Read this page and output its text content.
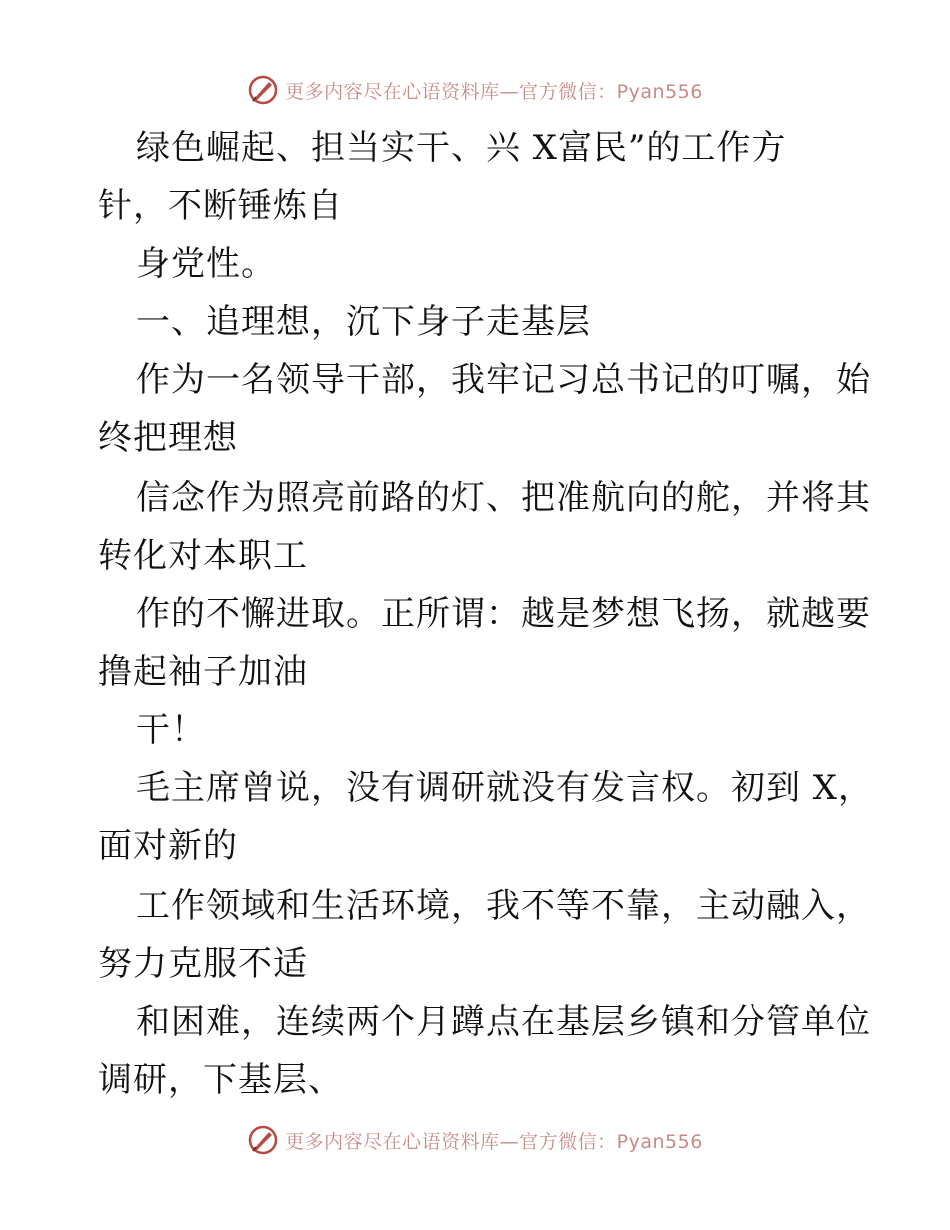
更多内容尽在心语资料库—官方微信：Pyan556
绿色崛起、担当实干、兴 X富民”的工作方
针，不断锤炼自
身党性。
一、追理想，沉下身子走基层
作为一名领导干部，我牢记习总书记的叮嘱，始
终把理想
信念作为照亮前路的灯、把准航向的舵，并将其
转化对本职工
作的不懈进取。正所谓：越是梦想飞扬，就越要
撸起袖子加油
干！
毛主席曾说，没有调研就没有发言权。初到 X，
面对新的
工作领域和生活环境，我不等不靠，主动融入，
努力克服不适
和困难，连续两个月蹲点在基层乡镇和分管单位
调研，下基层、
更多内容尽在心语资料库—官方微信：Pyan556
